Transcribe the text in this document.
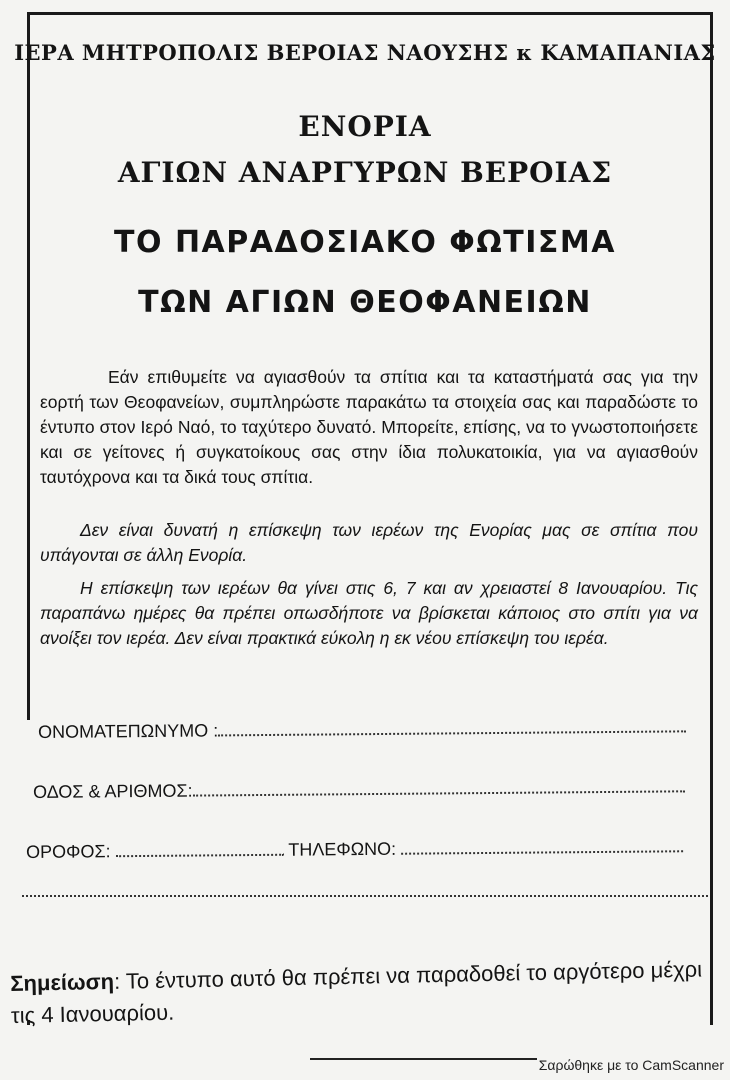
ΙΕΡΑ ΜΗΤΡΟΠΟΛΙΣ ΒΕΡΟΙΑΣ ΝΑΟΥΣΗΣ κ ΚΑΜΑΠΑΝΙΑΣ
ΕΝΟΡΙΑ
ΑΓΙΩΝ ΑΝΑΡΓΥΡΩΝ ΒΕΡΟΙΑΣ
ΤΟ ΠΑΡΑΔΟΣΙΑΚΟ ΦΩΤΙΣΜΑ
ΤΩΝ ΑΓΙΩΝ ΘΕΟΦΑΝΕΙΩΝ
Εάν επιθυμείτε να αγιασθούν τα σπίτια και τα καταστήματά σας για την εορτή των Θεοφανείων, συμπληρώστε παρακάτω τα στοιχεία σας και παραδώστε το έντυπο στον Ιερό Ναό, το ταχύτερο δυνατό. Μπορείτε, επίσης, να το γνωστοποιήσετε και σε γείτονες ή συγκατοίκους σας στην ίδια πολυκατοικία, για να αγιασθούν ταυτόχρονα και τα δικά τους σπίτια.
Δεν είναι δυνατή η επίσκεψη των ιερέων της Ενορίας μας σε σπίτια που υπάγονται σε άλλη Ενορία.
Η επίσκεψη των ιερέων θα γίνει στις 6, 7 και αν χρειαστεί 8 Ιανουαρίου. Τις παραπάνω ημέρες θα πρέπει οπωσδήποτε να βρίσκεται κάποιος στο σπίτι για να ανοίξει τον ιερέα. Δεν είναι πρακτικά εύκολη η εκ νέου επίσκεψη του ιερέα.
ΟΝΟΜΑΤΕΠΩΝΥΜΟ :
ΟΔΟΣ & ΑΡΙΘΜΟΣ:
ΟΡΟΦΟΣ:	ΤΗΛΕΦΩΝΟ:
Σημείωση: Το έντυπο αυτό θα πρέπει να παραδοθεί το αργότερο μέχρι τις 4 Ιανουαρίου.
Σαρώθηκε με το CamScanner
